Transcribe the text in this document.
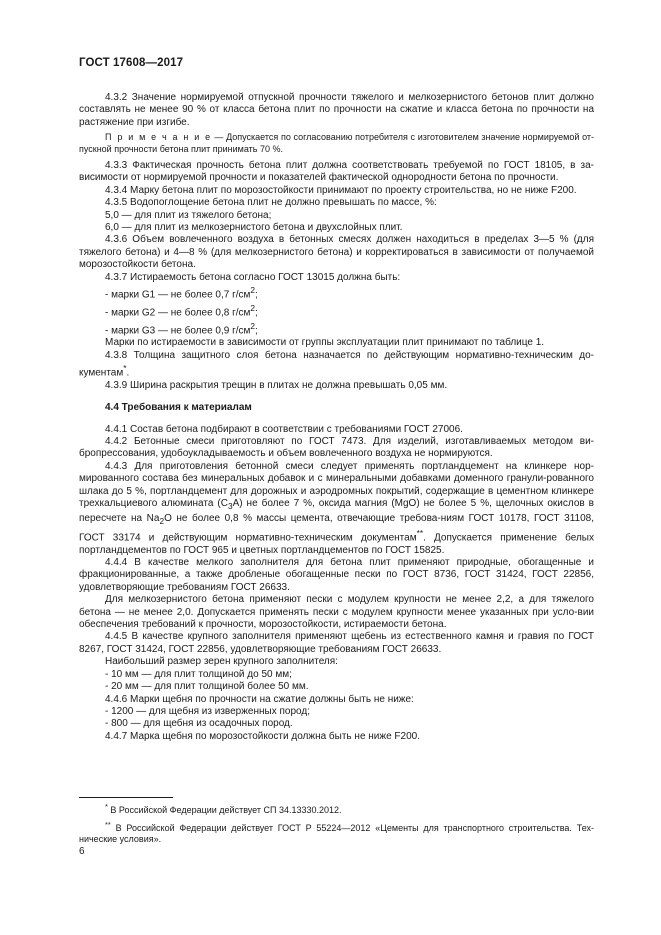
ГОСТ 17608—2017

4.3.2 Значение нормируемой отпускной прочности тяжелого и мелкозернистого бетонов плит должно составлять не менее 90 % от класса бетона плит по прочности на сжатие и класса бетона по прочности на растяжение при изгибе.

П р и м е ч а н и е — Допускается по согласованию потребителя с изготовителем значение нормируемой от-пускной прочности бетона плит принимать 70 %.

4.3.3 Фактическая прочность бетона плит должна соответствовать требуемой по ГОСТ 18105, в за-висимости от нормируемой прочности и показателей фактической однородности бетона по прочности.

4.3.4 Марку бетона плит по морозостойкости принимают по проекту строительства, но не ниже F200.

4.3.5 Водопоглощение бетона плит не должно превышать по массе, %:

5,0 — для плит из тяжелого бетона;

6,0 — для плит из мелкозернистого бетона и двухслойных плит.

4.3.6 Объем вовлеченного воздуха в бетонных смесях должен находиться в пределах 3—5 % (для тяжелого бетона) и 4—8 % (для мелкозернистого бетона) и корректироваться в зависимости от получаемой морозостойкости бетона.

4.3.7 Истираемость бетона согласно ГОСТ 13015 должна быть:

- марки G1 — не более 0,7 $г/см^2$;

- марки G2 — не более 0,8 $г/см^2$;

- марки G3 — не более 0,9 $г/см^2$;

Марки по истираемости в зависимости от группы эксплуатации плит принимают по таблице 1.

4.3.8 Толщина защитного слоя бетона назначается по действующим нормативно-техническим до-кументам*.

4.3.9 Ширина раскрытия трещин в плитах не должна превышать 0,05 мм.

4.4 Требования к материалам

4.4.1 Состав бетона подбирают в соответствии с требованиями ГОСТ 27006.

4.4.2 Бетонные смеси приготовляют по ГОСТ 7473. Для изделий, изготавливаемых методом ви-бропрессования, удобоукладываемость и объем вовлеченного воздуха не нормируются.

4.4.3 Для приготовления бетонной смеси следует применять портландцемент на клинкере нор-мированного состава без минеральных добавок и с минеральными добавками доменного гранули-рованного шлака до 5 %, портландцемент для дорожных и аэродромных покрытий, содержащие в цементном клинкере трехкальциевого алюмината $(C_3A)$ не более 7 %, оксида магния (MgO) не более 5 %, щелочных окислов в пересчете на $Na_2O$ не более 0,8 % массы цемента, отвечающие требова-ниям ГОСТ 10178, ГОСТ 31108, ГОСТ 33174 и действующим нормативно-техническим документам**. Допускается применение белых портландцементов по ГОСТ 965 и цветных портландцементов по ГОСТ 15825.

4.4.4 В качестве мелкого заполнителя для бетона плит применяют природные, обогащенные и фракционированные, а также дробленые обогащенные пески по ГОСТ 8736, ГОСТ 31424, ГОСТ 22856, удовлетворяющие требованиям ГОСТ 26633.

Для мелкозернистого бетона применяют пески с модулем крупности не менее 2,2, а для тяжелого бетона — не менее 2,0. Допускается применять пески с модулем крупности менее указанных при усло-вии обеспечения требований к прочности, морозостойкости, истираемости бетона.

4.4.5 В качестве крупного заполнителя применяют щебень из естественного камня и гравия по ГОСТ 8267, ГОСТ 31424, ГОСТ 22856, удовлетворяющие требованиям ГОСТ 26633.

Наибольший размер зерен крупного заполнителя:

- 10 мм — для плит толщиной до 50 мм;

- 20 мм — для плит толщиной более 50 мм.

4.4.6 Марки щебня по прочности на сжатие должны быть не ниже:

- 1200 — для щебня из изверженных пород;

- 800 — для щебня из осадочных пород.

4.4.7 Марка щебня по морозостойкости должна быть не ниже F200.

* В Российской Федерации действует СП 34.13330.2012.

** В Российской Федерации действует ГОСТ Р 55224—2012 «Цементы для транспортного строительства. Тех-нические условия».

6
